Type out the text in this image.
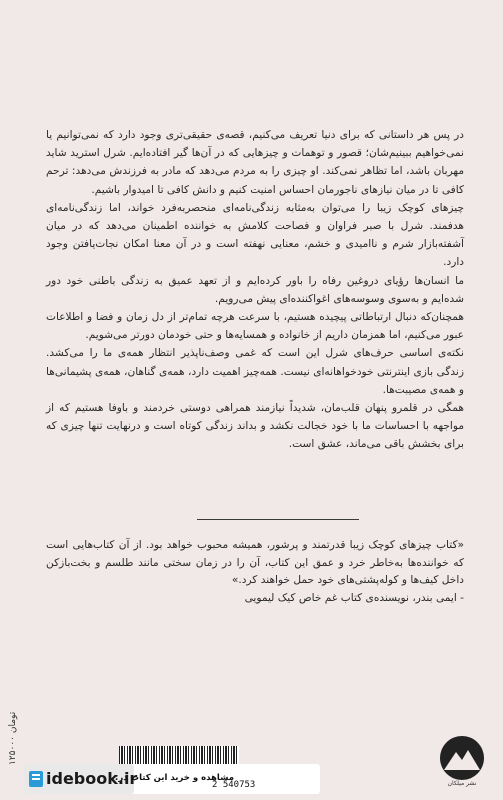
در پس هر داستانی که برای دنیا تعریف می‌کنیم، قصه‌ی حقیقی‌تری وجود دارد که نمی‌توانیم یا نمی‌خواهیم ببینیم‌شان؛ قصور و توهمات و چیزهایی که در آن‌ها گیر افتاده‌ایم. شرل استرید شاید مهربان باشد، اما تظاهر نمی‌کند. او چیزی را به مردم می‌دهد که مادر به فرزندش می‌دهد: ترحم کافی تا در میان نیازهای ناجورمان احساس امنیت کنیم و دانش کافی تا امیدوار باشیم.

چیزهای کوچک زیبا را می‌توان به‌مثابه زندگی‌نامه‌ای منحصربه‌فرد خواند، اما زندگی‌نامه‌ای هدفمند. شرل با صبر فراوان و فصاحت کلامش به خواننده اطمینان می‌دهد که در میان آشفته‌بازار شرم و ناامیدی و خشم، معنایی نهفته است و در آن معنا امکان نجات‌یافتن وجود دارد.

ما انسان‌ها رؤیای دروغین رفاه را باور کرده‌ایم و از تعهد عمیق به زندگی باطنی خود دور شده‌ایم و به‌سوی وسوسه‌های اغواکننده‌ای پیش می‌رویم.

همچنان‌که دنبال ارتباطاتی پیچیده هستیم، با سرعت هرچه تمام‌تر از دل زمان و فضا و اطلاعات عبور می‌کنیم، اما همزمان داریم از خانواده و همسایه‌ها و حتی خودمان دورتر می‌شویم.

نکته‌ی اساسی حرف‌های شرل این است که غمی وصف‌ناپذیر انتظار همه‌ی ما را می‌کشد. زندگی بازی اینترنتی خودخواهانه‌ای نیست. همه‌چیز اهمیت دارد، همه‌ی گناهان، همه‌ی پشیمانی‌ها و همه‌ی مصیبت‌ها.

همگی در قلمرو پنهان قلب‌مان، شدیداً نیازمند همراهی دوستی خردمند و باوفا هستیم که از مواجهه با احساسات ما با خود خجالت نکشد و بداند زندگی کوتاه است و درنهایت تنها چیزی که برای بخشش باقی می‌ماند، عشق است.

«کتاب چیزهای کوچک زیبا قدرتمند و پرشور، همیشه محبوب خواهد بود. از آن کتاب‌هایی است که خواننده‌ها به‌خاطر خرد و عمق این کتاب، آن را در زمان سختی مانند طلسم و بخت‌بازکن داخل کیف‌ها و کوله‌پشتی‌های خود حمل خواهند کرد.»

- ایمی بندر، نویسنده‌ی کتاب غم خاص کیک لیمویی

۱۲۵۰۰۰ تومان
idebook.ir
مشاهده و خرید این کتاب در:
2 540753	نشر میلکان
